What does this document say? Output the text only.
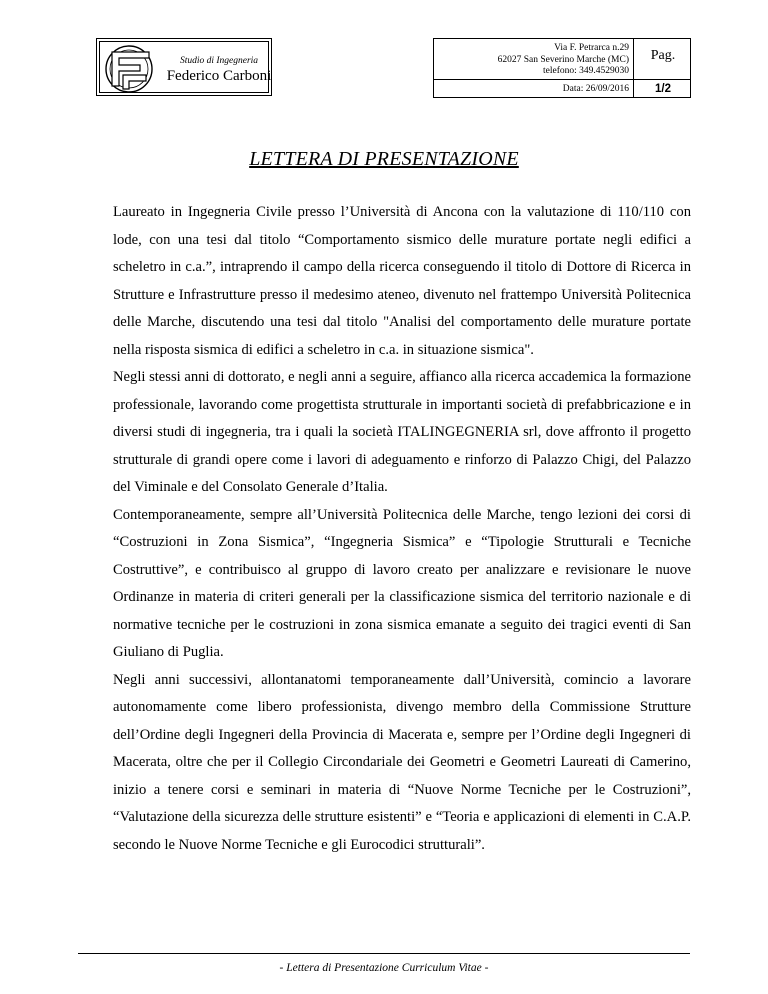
Studio di Ingegneria
Federico Carboni
Via F. Petrarca n.29
62027 San Severino Marche (MC)
telefono: 349.4529030
Data: 26/09/2016
Pag.
1/2
LETTERA DI PRESENTAZIONE

Laureato in Ingegneria Civile presso l’Università di Ancona con la valutazione di 110/110 con lode, con una tesi dal titolo “Comportamento sismico delle murature portate negli edifici a scheletro in c.a.”, intraprendo il campo della ricerca conseguendo il titolo di Dottore di Ricerca in Strutture e Infrastrutture presso il medesimo ateneo, divenuto nel frattempo Università Politecnica delle Marche, discutendo una tesi dal titolo "Analisi del comportamento delle murature portate nella risposta sismica di edifici a scheletro in c.a. in situazione sismica".

Negli stessi anni di dottorato, e negli anni a seguire, affianco alla ricerca accademica la formazione professionale, lavorando come progettista strutturale in importanti società di prefabbricazione e in diversi studi di ingegneria, tra i quali la società ITALINGEGNERIA srl, dove affronto il progetto strutturale di grandi opere come i lavori di adeguamento e rinforzo di Palazzo Chigi, del Palazzo del Viminale e del Consolato Generale d’Italia.

Contemporaneamente, sempre all’Università Politecnica delle Marche, tengo lezioni dei corsi di “Costruzioni in Zona Sismica”, “Ingegneria Sismica” e “Tipologie Strutturali e Tecniche Costruttive”, e contribuisco al gruppo di lavoro creato per analizzare e revisionare le nuove Ordinanze in materia di criteri generali per la classificazione sismica del territorio nazionale e di normative tecniche per le costruzioni in zona sismica emanate a seguito dei tragici eventi di San Giuliano di Puglia.

Negli anni successivi, allontanatomi temporaneamente dall’Università, comincio a lavorare autonomamente come libero professionista, divengo membro della Commissione Strutture dell’Ordine degli Ingegneri della Provincia di Macerata e, sempre per l’Ordine degli Ingegneri di Macerata, oltre che per il Collegio Circondariale dei Geometri e Geometri Laureati di Camerino, inizio a tenere corsi e seminari in materia di “Nuove Norme Tecniche per le Costruzioni”, “Valutazione della sicurezza delle strutture esistenti” e “Teoria e applicazioni di elementi in C.A.P. secondo le Nuove Norme Tecniche e gli Eurocodici strutturali”.

- Lettera di Presentazione Curriculum Vitae -
